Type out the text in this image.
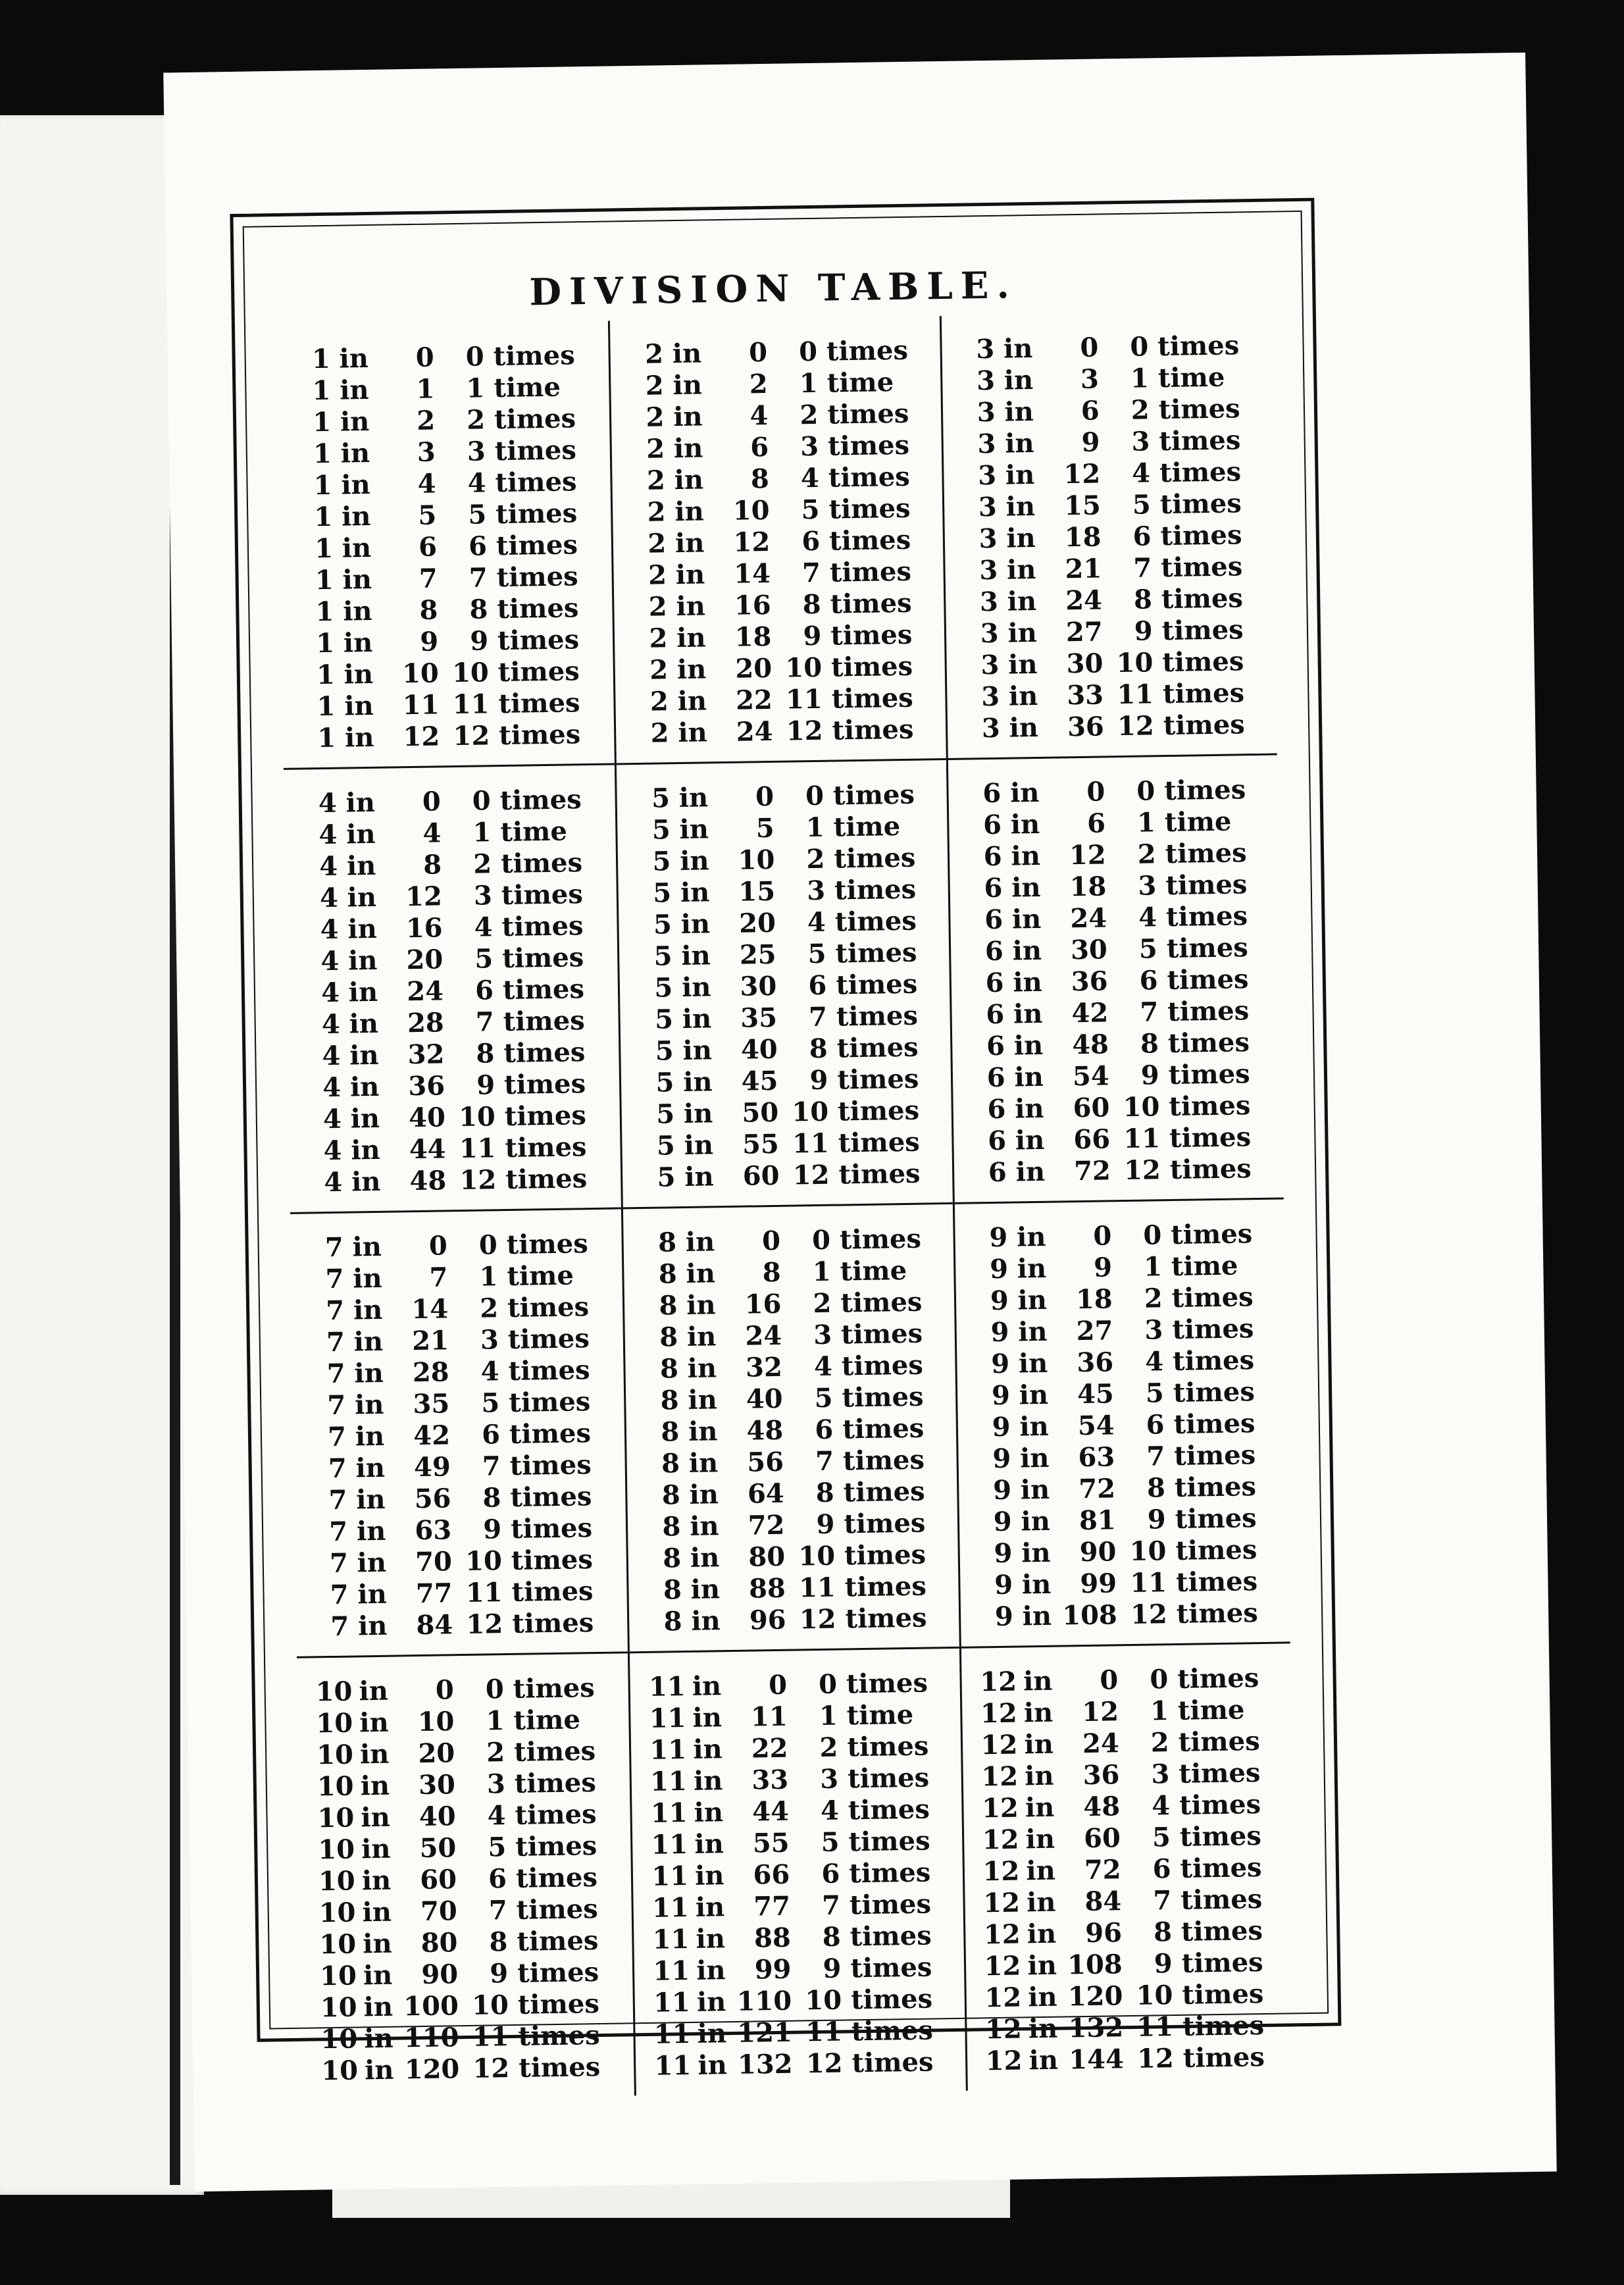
DIVISION TABLE.
1 in	0	0 times
1 in	1	1 time
1 in	2	2 times
1 in	3	3 times
1 in	4	4 times
1 in	5	5 times
1 in	6	6 times
1 in	7	7 times
1 in	8	8 times
1 in	9	9 times
1 in	10 10 times
1 in	11 11 times
1 in	12 12 times
2 in	0	0 times
2 in	2	1 time
2 in	4	2 times
2 in	6	3 times
2 in	8	4 times
2 in	10	5 times
2 in	12	6 times
2 in	14	7 times
2 in	16	8 times
2 in	18	9 times
2 in	20 10 times
2 in	22 11 times
2 in	24 12 times
3 in	0	0 times
3 in	3	1 time
3 in	6	2 times
3 in	9	3 times
3 in	12	4 times
3 in	15	5 times
3 in	18	6 times
3 in	21	7 times
3 in	24	8 times
3 in	27	9 times
3 in	30 10 times
3 in	33 11 times
3 in	36 12 times
4 in	0	0 times
4 in	4	1 time
4 in	8	2 times
4 in	12	3 times
4 in	16	4 times
4 in	20	5 times
4 in	24	6 times
4 in	28	7 times
4 in	32	8 times
4 in	36	9 times
4 in	40 10 times
4 in	44 11 times
4 in	48 12 times
5 in	0	0 times
5 in	5	1 time
5 in	10	2 times
5 in	15	3 times
5 in	20	4 times
5 in	25	5 times
5 in	30	6 times
5 in	35	7 times
5 in	40	8 times
5 in	45	9 times
5 in	50 10 times
5 in	55 11 times
5 in	60 12 times
6 in	0	0 times
6 in	6	1 time
6 in	12	2 times
6 in	18	3 times
6 in	24	4 times
6 in	30	5 times
6 in	36	6 times
6 in	42	7 times
6 in	48	8 times
6 in	54	9 times
6 in	60 10 times
6 in	66 11 times
6 in	72 12 times
7 in	0	0 times
7 in	7	1 time
7 in	14	2 times
7 in	21	3 times
7 in	28	4 times
7 in	35	5 times
7 in	42	6 times
7 in	49	7 times
7 in	56	8 times
7 in	63	9 times
7 in	70 10 times
7 in	77 11 times
7 in	84 12 times
8 in	0	0 times
8 in	8	1 time
8 in	16	2 times
8 in	24	3 times
8 in	32	4 times
8 in	40	5 times
8 in	48	6 times
8 in	56	7 times
8 in	64	8 times
8 in	72	9 times
8 in	80 10 times
8 in	88 11 times
8 in	96 12 times
9 in	0	0 times
9 in	9	1 time
9 in	18	2 times
9 in	27	3 times
9 in	36	4 times
9 in	45	5 times
9 in	54	6 times
9 in	63	7 times
9 in	72	8 times
9 in	81	9 times
9 in	90 10 times
9 in	99 11 times
9 in 108 12 times
10 in	0	0 times
10 in	10	1 time
10 in	20	2 times
10 in	30	3 times
10 in	40	4 times
10 in	50	5 times
10 in	60	6 times
10 in	70	7 times
10 in	80	8 times
10 in	90	9 times
10 in 100 10 times
10 in 110 11 times
10 in 120 12 times
11 in	0	0 times
11 in	11	1 time
11 in	22	2 times
11 in	33	3 times
11 in	44	4 times
11 in	55	5 times
11 in	66	6 times
11 in	77	7 times
11 in	88	8 times
11 in	99	9 times
11 in 110 10 times
11 in 121 11 times
11 in 132 12 times
12 in	0	0 times
12 in	12	1 time
12 in	24	2 times
12 in	36	3 times
12 in	48	4 times
12 in	60	5 times
12 in	72	6 times
12 in	84	7 times
12 in	96	8 times
12 in 108	9 times
12 in 120 10 times
12 in 132 11 times
12 in 144 12 times
